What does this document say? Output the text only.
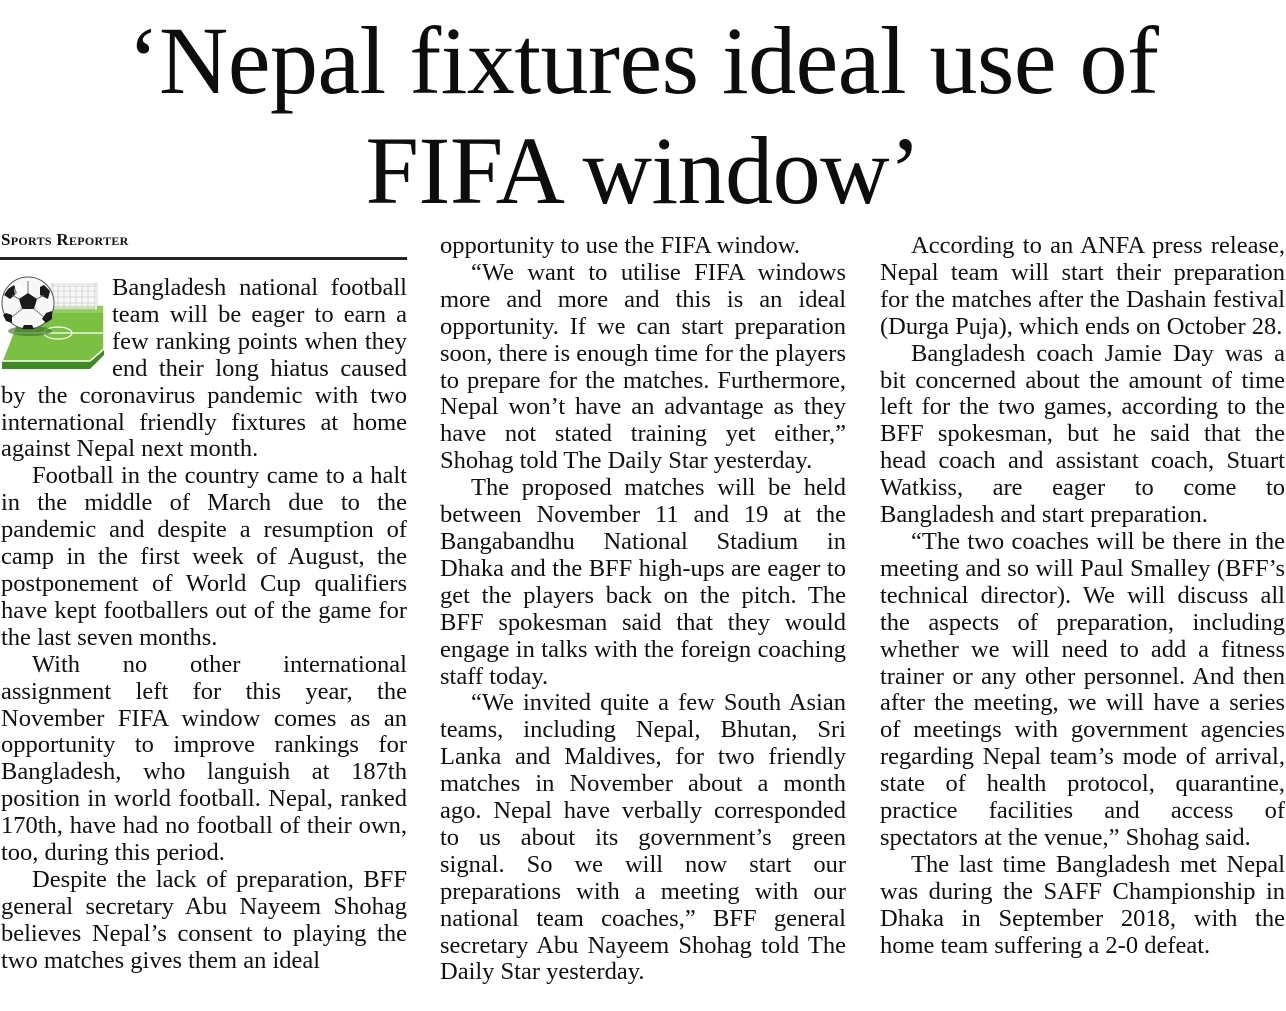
‘Nepal fixtures ideal use of
FIFA window’
Sports Reporter

Bangladesh national football team will be eager to earn a few ranking points when they end their long hiatus caused by the coronavirus pandemic with two international friendly fixtures at home against Nepal next month.

Football in the country came to a halt in the middle of March due to the pandemic and despite a resumption of camp in the first week of August, the postponement of World Cup qualifiers have kept footballers out of the game for the last seven months.

With no other international assignment left for this year, the November FIFA window comes as an opportunity to improve rankings for Bangladesh, who languish at 187th position in world football. Nepal, ranked 170th, have had no football of their own, too, during this period.

Despite the lack of preparation, BFF general secretary Abu Nayeem Shohag believes Nepal’s consent to playing the two matches gives them an ideal

opportunity to use the FIFA window.

“We want to utilise FIFA windows more and more and this is an ideal opportunity. If we can start preparation soon, there is enough time for the players to prepare for the matches. Furthermore, Nepal won’t have an advantage as they have not stated training yet either,” Shohag told The Daily Star yesterday.

The proposed matches will be held between November 11 and 19 at the Bangabandhu National Stadium in Dhaka and the BFF high-ups are eager to get the players back on the pitch. The BFF spokesman said that they would engage in talks with the foreign coaching staff today.

“We invited quite a few South Asian teams, including Nepal, Bhutan, Sri Lanka and Maldives, for two friendly matches in November about a month ago. Nepal have verbally corresponded to us about its government’s green signal. So we will now start our preparations with a meeting with our national team coaches,” BFF general secretary Abu Nayeem Shohag told The Daily Star yesterday.

According to an ANFA press release, Nepal team will start their preparation for the matches after the Dashain festival (Durga Puja), which ends on October 28.

Bangladesh coach Jamie Day was a bit concerned about the amount of time left for the two games, according to the BFF spokesman, but he said that the head coach and assistant coach, Stuart Watkiss, are eager to come to Bangladesh and start preparation.

“The two coaches will be there in the meeting and so will Paul Smalley (BFF’s technical director). We will discuss all the aspects of preparation, including whether we will need to add a fitness trainer or any other personnel. And then after the meeting, we will have a series of meetings with government agencies regarding Nepal team’s mode of arrival, state of health protocol, quarantine, practice facilities and access of spectators at the venue,” Shohag said.

The last time Bangladesh met Nepal was during the SAFF Championship in Dhaka in September 2018, with the home team suffering a 2-0 defeat.
